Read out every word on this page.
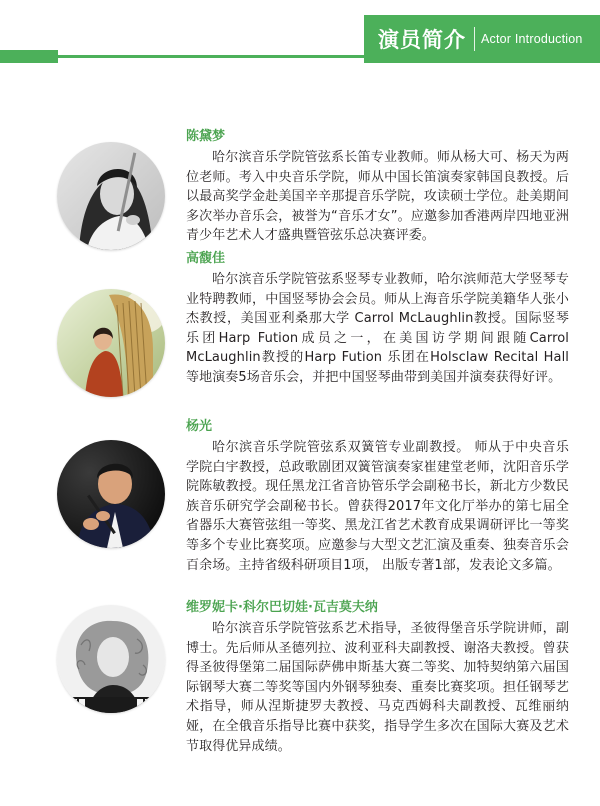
演员简介 Actor Introduction
陈黛梦

哈尔滨音乐学院管弦系长笛专业教师。师从杨大可、杨天为两位老师。考入中央音乐学院，师从中国长笛演奏家韩国良教授。后以最高奖学金赴美国辛辛那提音乐学院，攻读硕士学位。赴美期间多次举办音乐会，被誉为“音乐才女”。应邀参加香港两岸四地亚洲青少年艺术人才盛典暨管弦乐总决赛评委。

高馥佳

哈尔滨音乐学院管弦系竖琴专业教师，哈尔滨师范大学竖琴专业特聘教师，中国竖琴协会会员。师从上海音乐学院美籍华人张小杰教授，美国亚利桑那大学 Carrol McLaughlin教授。国际竖琴乐团Harp Fution成员之一，在美国访学期间跟随Carrol McLaughlin教授的Harp Fution 乐团在Holsclaw Recital Hall等地演奏5场音乐会，并把中国竖琴曲带到美国并演奏获得好评。

杨光

哈尔滨音乐学院管弦系双簧管专业副教授。 师从于中央音乐学院白宇教授，总政歌剧团双簧管演奏家崔建堂老师，沈阳音乐学院陈敏教授。现任黑龙江省音协管乐学会副秘书长，新北方少数民族音乐研究学会副秘书长。曾获得2017年文化厅举办的第七届全省器乐大赛管弦组一等奖、黑龙江省艺术教育成果调研评比一等奖等多个专业比赛奖项。应邀参与大型文艺汇演及重奏、独奏音乐会百余场。主持省级科研项目1项， 出版专著1部，发表论文多篇。

维罗妮卡·科尔巴切娃·瓦吉莫夫纳

哈尔滨音乐学院管弦系艺术指导，圣彼得堡音乐学院讲师，副博士。先后师从圣德列拉、波利亚科夫副教授、谢洛夫教授。曾获得圣彼得堡第二届国际萨佛申斯基大赛二等奖、加特契纳第六届国际钢琴大赛二等奖等国内外钢琴独奏、重奏比赛奖项。担任钢琴艺术指导，师从涅斯捷罗夫教授、马克西姆科夫副教授、瓦维丽纳娅，在全俄音乐指导比赛中获奖，指导学生多次在国际大赛及艺术节取得优异成绩。
